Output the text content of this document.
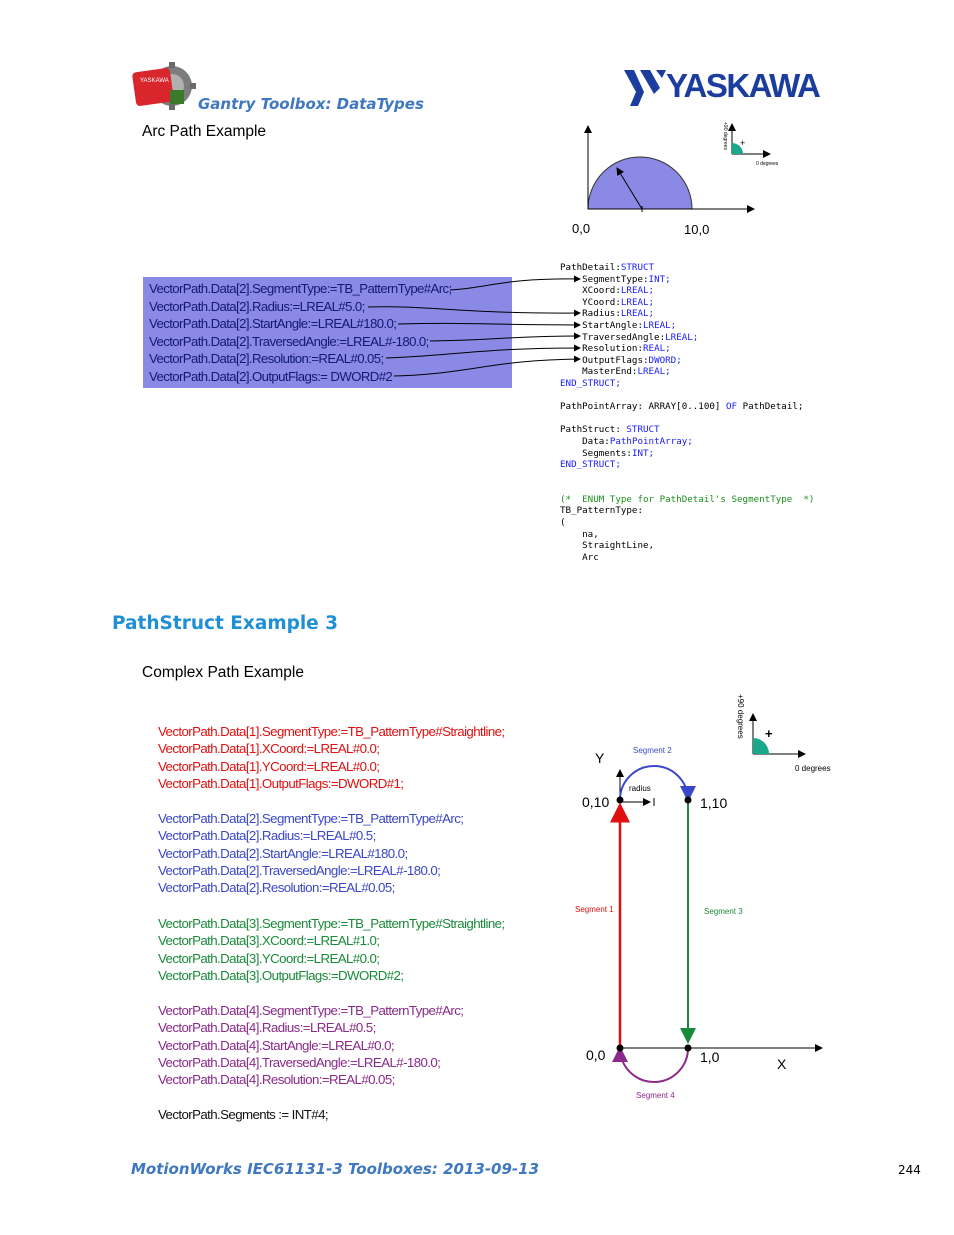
YASKAWA
Gantry Toolbox: DataTypes	YASKAWA
Arc Path Example
0,0	10,0
+
0 degrees
+90 degrees
VectorPath.Data[2].SegmentType:=TB_PatternType#Arc;
VectorPath.Data[2].Radius:=LREAL#5.0;
VectorPath.Data[2].StartAngle:=LREAL#180.0;
VectorPath.Data[2].TraversedAngle:=LREAL#-180.0;
VectorPath.Data[2].Resolution:=REAL#0.05;
VectorPath.Data[2].OutputFlags:= DWORD#2
PathDetail:STRUCT
SegmentType:INT;
XCoord:LREAL;
YCoord:LREAL;
Radius:LREAL;
StartAngle:LREAL;
TraversedAngle:LREAL;
Resolution:REAL;
OutputFlags:DWORD;
MasterEnd:LREAL;
END_STRUCT;

PathPointArray: ARRAY[0..100] OF PathDetail;

PathStruct: STRUCT
Data:PathPointArray;
Segments:INT;
END_STRUCT;

(*  ENUM Type for PathDetail's SegmentType  *)
TB_PatternType:
(
na,
StraightLine,
Arc
PathStruct Example 3
Complex Path Example
VectorPath.Data[1].SegmentType:=TB_PatternType#Straightline;
VectorPath.Data[1].XCoord:=LREAL#0.0;
VectorPath.Data[1].YCoord:=LREAL#0.0;
VectorPath.Data[1].OutputFlags:=DWORD#1;
VectorPath.Data[2].SegmentType:=TB_PatternType#Arc;
VectorPath.Data[2].Radius:=LREAL#0.5;
VectorPath.Data[2].StartAngle:=LREAL#180.0;
VectorPath.Data[2].TraversedAngle:=LREAL#-180.0;
VectorPath.Data[2].Resolution:=REAL#0.05;
VectorPath.Data[3].SegmentType:=TB_PatternType#Straightline;
VectorPath.Data[3].XCoord:=LREAL#1.0;
VectorPath.Data[3].YCoord:=LREAL#0.0;
VectorPath.Data[3].OutputFlags:=DWORD#2;
VectorPath.Data[4].SegmentType:=TB_PatternType#Arc;
VectorPath.Data[4].Radius:=LREAL#0.5;
VectorPath.Data[4].StartAngle:=LREAL#0.0;
VectorPath.Data[4].TraversedAngle:=LREAL#-180.0;
VectorPath.Data[4].Resolution:=REAL#0.05;
VectorPath.Segments := INT#4;
Y
X
0,10	1,10
0,0	1,0
Segment 1
Segment 2
Segment 3
Segment 4
radius
+
0 degrees
+90 degrees
MotionWorks IEC61131-3 Toolboxes: 2013-09-13	244
